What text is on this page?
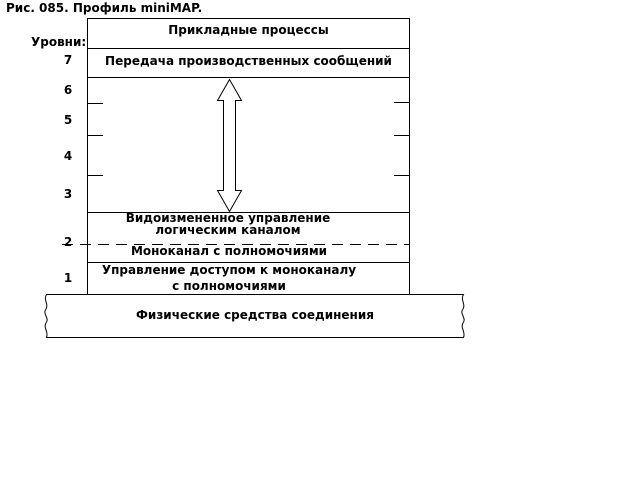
Рис. 085. Профиль miniMAP.
Уровни:
7
6
5
4
3
2
1
Прикладные процессы
Передача производственных сообщений
Видоизмененное управление
логическим каналом
Моноканал с полномочиями
Управление доступом к моноканалу
с полномочиями
Физические средства соединения
